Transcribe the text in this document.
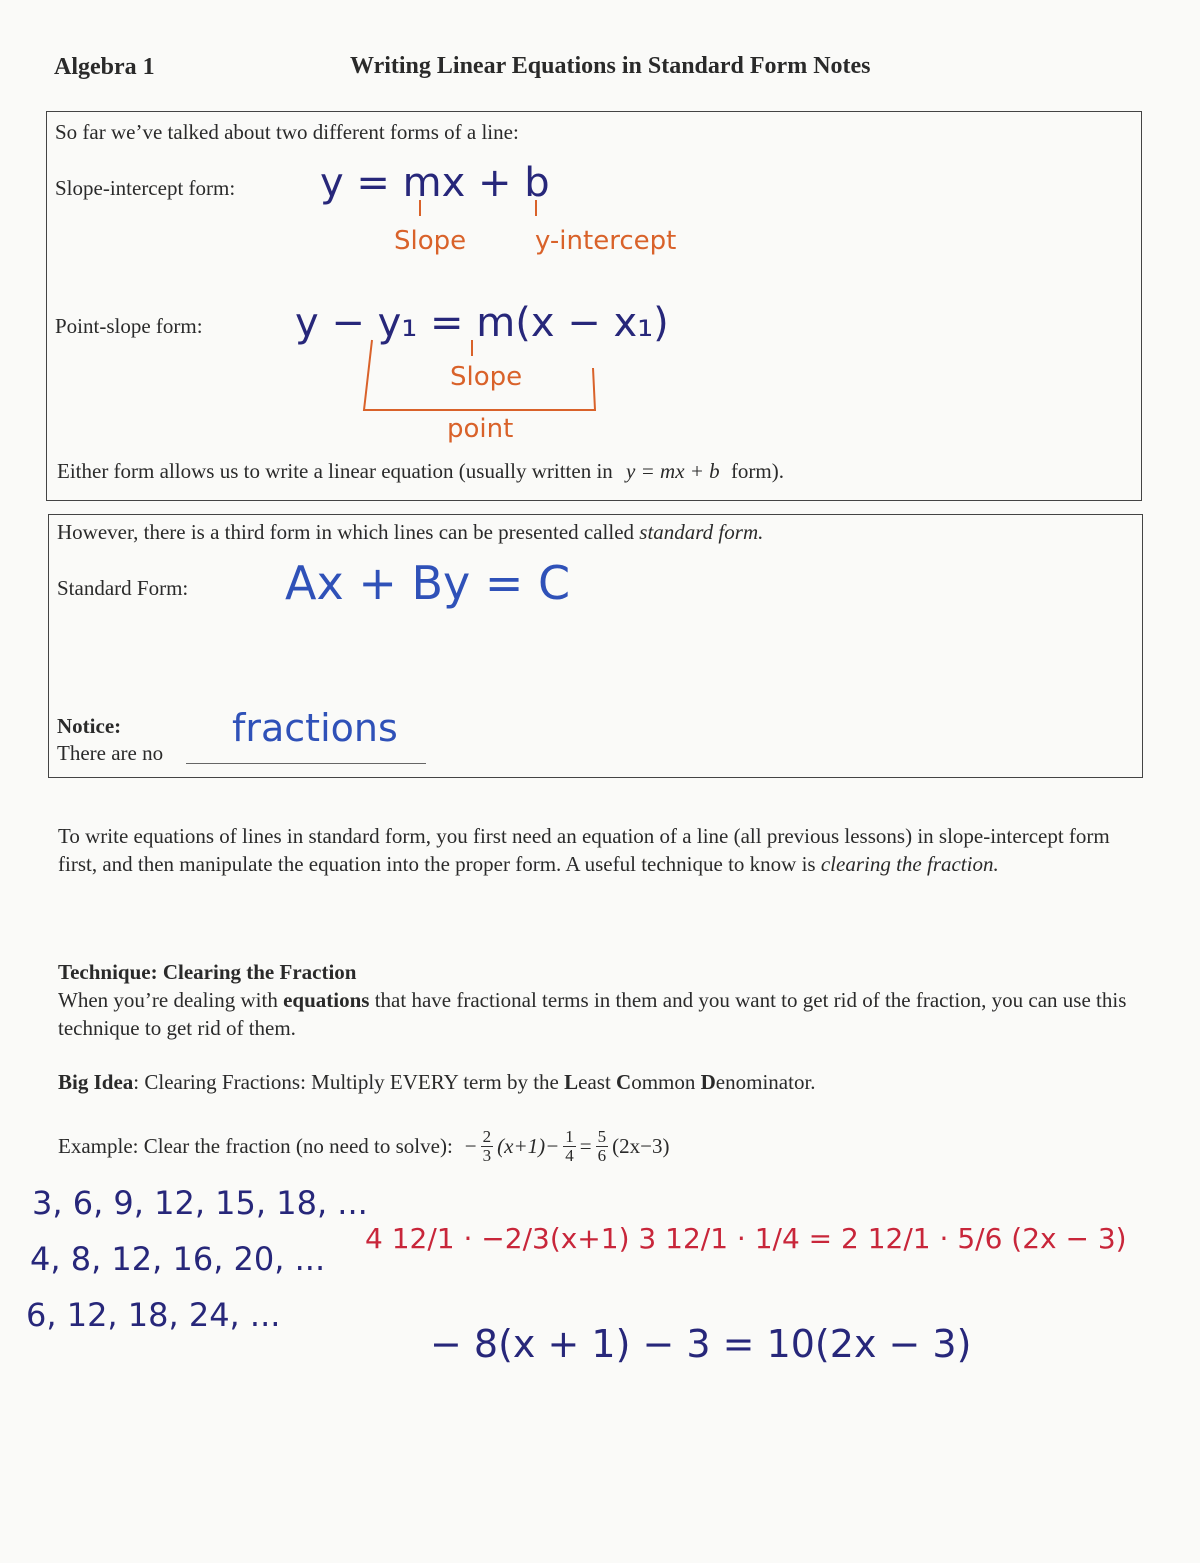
Algebra 1	Writing Linear Equations in Standard Form Notes
So far we’ve talked about two different forms of a line:
Slope-intercept form: y = mx + b
Slope	y-intercept
Point-slope form: y − y₁ = m(x − x₁)
Slope
point
Either form allows us to write a linear equation (usually written in y = mx + b form).
However, there is a third form in which lines can be presented called standard form.
Standard Form: Ax + By = C
Notice:
There are no
fractions
To write equations of lines in standard form, you first need an equation of a line (all previous lessons) in slope-intercept form first, and then manipulate the equation into the proper form. A useful technique to know is clearing the fraction.
Technique: Clearing the Fraction
When you’re dealing with equations that have fractional terms in them and you want to get rid of the fraction, you can use this technique to get rid of them.
Big Idea: Clearing Fractions: Multiply EVERY term by the Least Common Denominator.
Example: Clear the fraction (no need to solve): − $\frac{2}{3} (x+1)- \frac{1}{4} = \frac{5}{6} (2x-3)$
3, 6, 9, 12, 15, 18, ...
4, 8, 12, 16, 20, ...
6, 12, 18, 24, ...
4 12/1 · −2/3(x+1) 3 12/1 · 1/4 = 2 12/1 · 5/6 (2x − 3)
− 8(x + 1) − 3 = 10(2x − 3)
